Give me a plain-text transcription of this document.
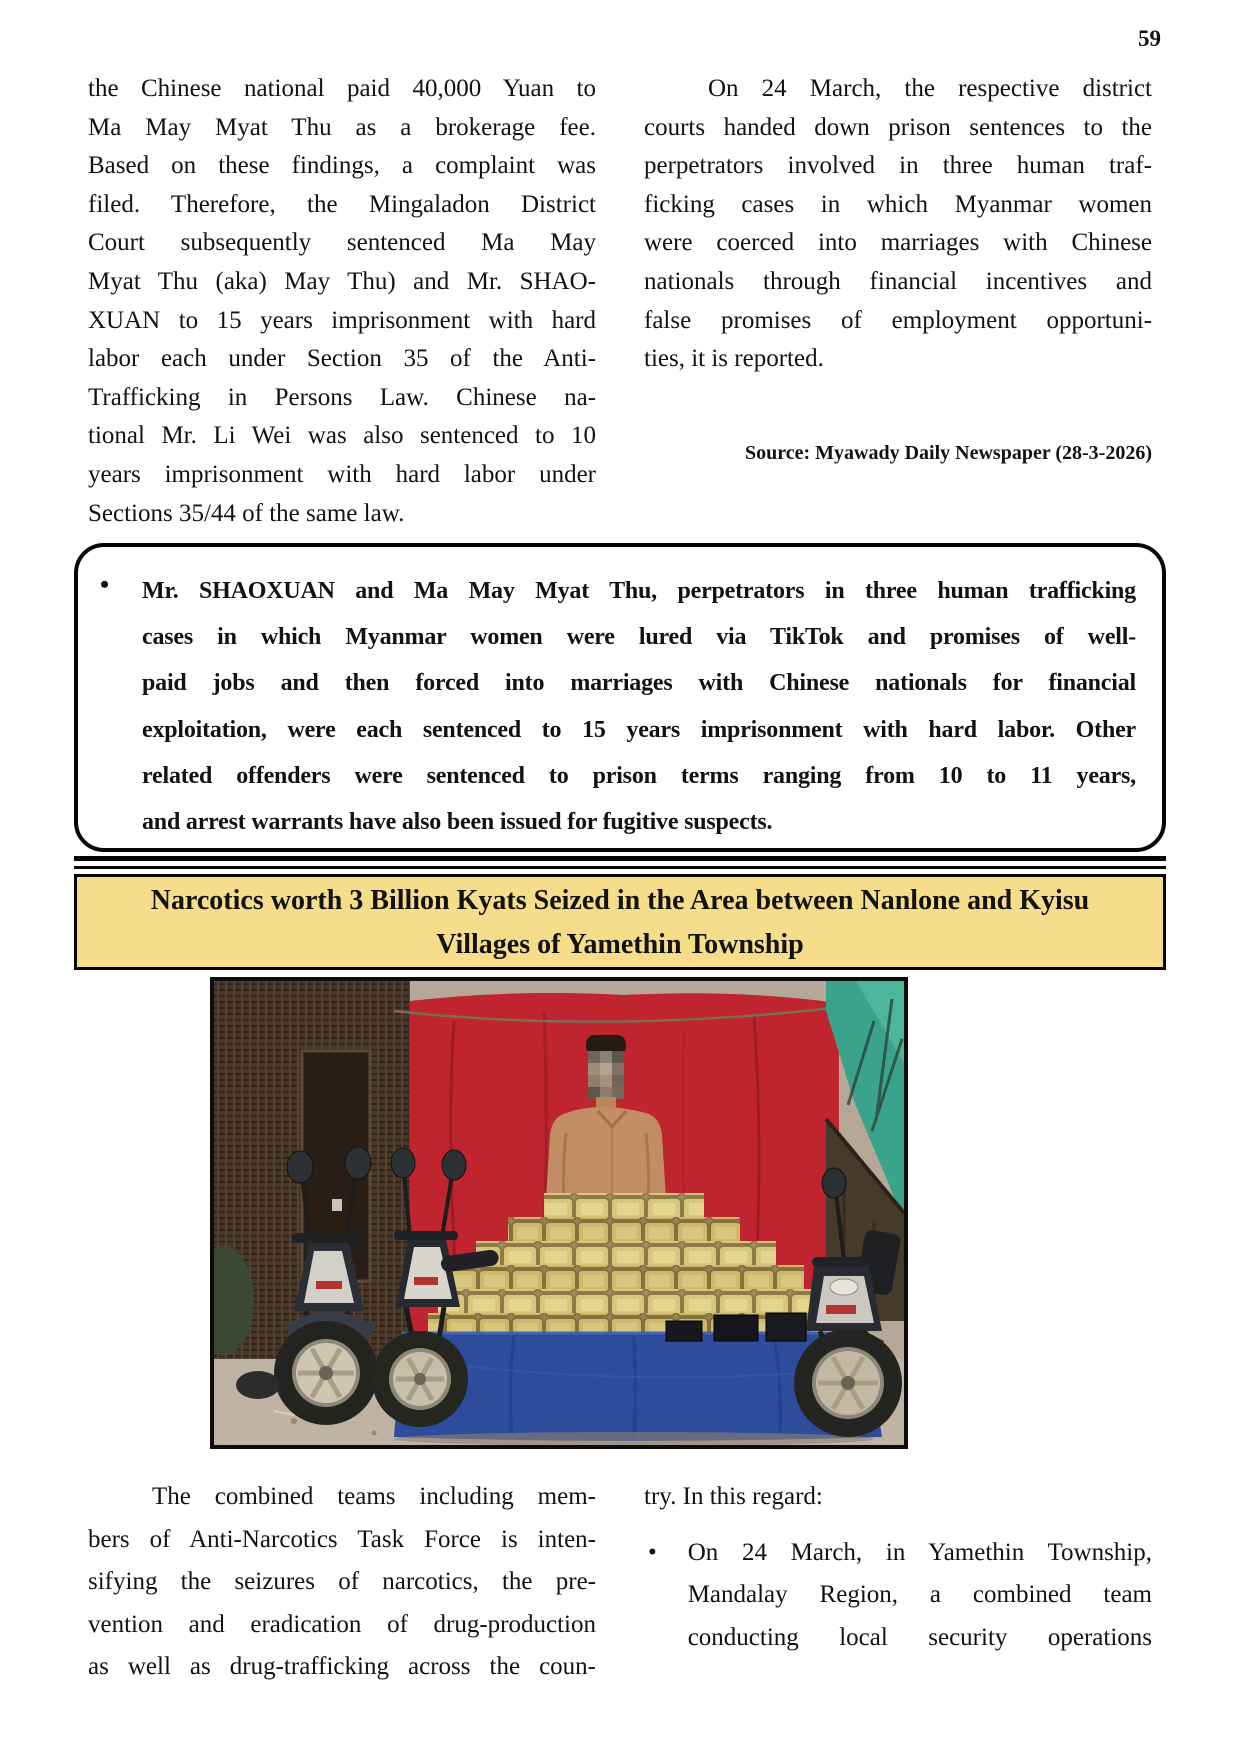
59
the Chinese national paid 40,000 Yuan to
Ma May Myat Thu as a brokerage fee.
Based on these findings, a complaint was
filed. Therefore, the Mingaladon District
Court subsequently sentenced Ma May
Myat Thu (aka) May Thu) and Mr. SHAO-
XUAN to 15 years imprisonment with hard
labor each under Section 35 of the Anti-
Trafficking in Persons Law. Chinese na-
tional Mr. Li Wei was also sentenced to 10
years imprisonment with hard labor under
Sections 35/44 of the same law.
On 24 March, the respective district
courts handed down prison sentences to the
perpetrators involved in three human traf-
ficking cases in which Myanmar women
were coerced into marriages with Chinese
nationals through financial incentives and
false promises of employment opportuni-
ties, it is reported.
Source: Myawady Daily Newspaper (28-3-2026)
•	Mr. SHAOXUAN and Ma May Myat Thu, perpetrators in three human trafficking
cases in which Myanmar women were lured via TikTok and promises of well-
paid jobs and then forced into marriages with Chinese nationals for financial
exploitation, were each sentenced to 15 years imprisonment with hard labor. Other
related offenders were sentenced to prison terms ranging from 10 to 11 years,
and arrest warrants have also been issued for fugitive suspects.
Narcotics worth 3 Billion Kyats Seized in the Area between Nanlone and Kyisu
Villages of Yamethin Township
The combined teams including mem-
bers of Anti-Narcotics Task Force is inten-
sifying the seizures of narcotics, the pre-
vention and eradication of drug-production
as well as drug-trafficking across the coun-
try. In this regard:
•	On 24 March, in Yamethin Township,
Mandalay Region, a combined team
conducting local security operations
